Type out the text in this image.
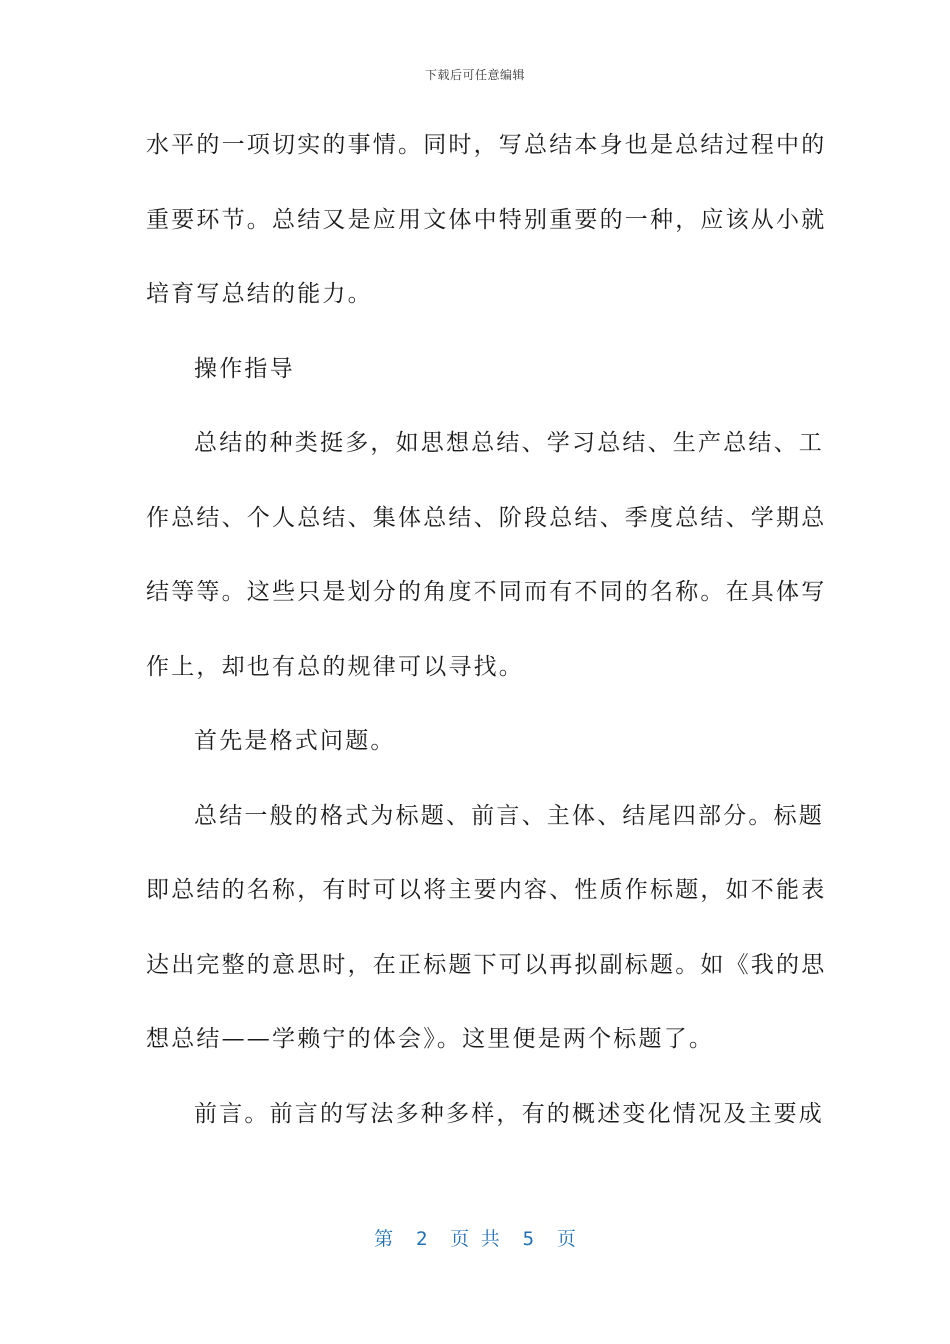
下载后可任意编辑
水平的一项切实的事情。同时，写总结本身也是总结过程中的
重要环节。总结又是应用文体中特别重要的一种，应该从小就
培育写总结的能力。
操作指导
总结的种类挺多，如思想总结、学习总结、生产总结、工
作总结、个人总结、集体总结、阶段总结、季度总结、学期总
结等等。这些只是划分的角度不同而有不同的名称。在具体写
作上，却也有总的规律可以寻找。
首先是格式问题。
总结一般的格式为标题、前言、主体、结尾四部分。标题
即总结的名称，有时可以将主要内容、性质作标题，如不能表
达出完整的意思时，在正标题下可以再拟副标题。如《我的思
想总结——学赖宁的体会》。这里便是两个标题了。
前言。前言的写法多种多样，有的概述变化情况及主要成
第  2  页 共  5  页
